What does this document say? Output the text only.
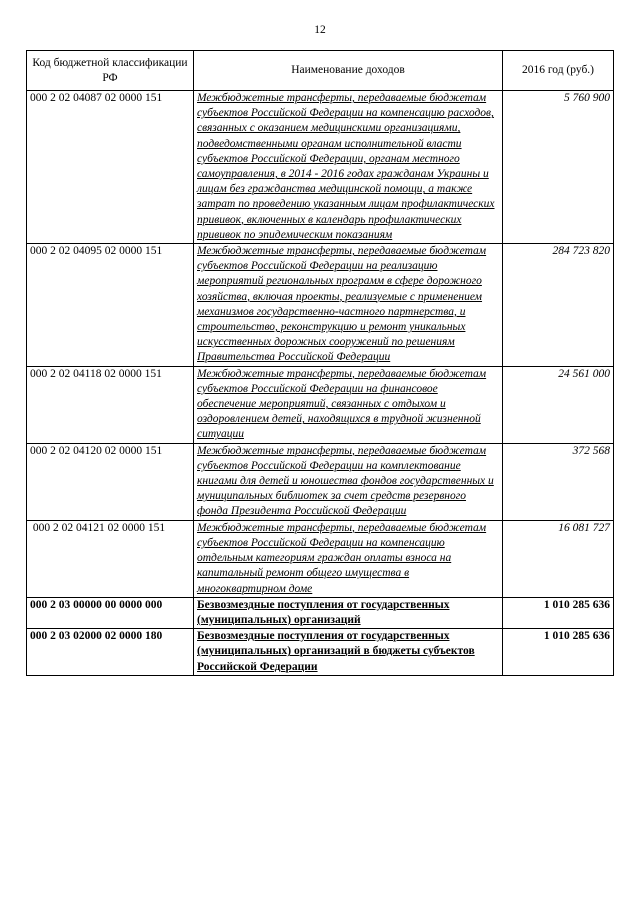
12
Код бюджетной классификации РФ	Наименование доходов	2016 год (руб.)
000 2 02 04087 02 0000 151	Межбюджетные трансферты, передаваемые бюджетам субъектов Российской Федерации на компенсацию расходов, связанных с оказанием медицинскими организациями, подведомственными органам исполнительной власти субъектов Российской Федерации, органам местного самоуправления, в 2014 - 2016 годах гражданам Украины и лицам без гражданства медицинской помощи, а также затрат по проведению указанным лицам профилактических прививок, включенных в календарь профилактических прививок по эпидемическим показаниям	5 760 900
000 2 02 04095 02 0000 151	Межбюджетные трансферты, передаваемые бюджетам субъектов Российской Федерации на реализацию мероприятий региональных программ в сфере дорожного хозяйства, включая проекты, реализуемые с применением механизмов государственно-частного партнерства, и строительство, реконструкцию и ремонт уникальных искусственных дорожных сооружений по решениям Правительства Российской Федерации	284 723 820
000 2 02 04118 02 0000 151	Межбюджетные трансферты, передаваемые бюджетам субъектов Российской Федерации на финансовое обеспечение мероприятий, связанных с отдыхом и оздоровлением детей, находящихся в трудной жизненной ситуации	24 561 000
000 2 02 04120 02 0000 151	Межбюджетные трансферты, передаваемые бюджетам субъектов Российской Федерации на комплектование книгами для детей и юношества фондов государственных и муниципальных библиотек за счет средств резервного фонда Президента Российской Федерации	372 568
000 2 02 04121 02 0000 151	Межбюджетные трансферты, передаваемые бюджетам субъектов Российской Федерации на компенсацию отдельным категориям граждан оплаты взноса на капитальный ремонт общего имущества в многоквартирном доме	16 081 727
000 2 03 00000 00 0000 000	Безвозмездные поступления от государственных (муниципальных) организаций	1 010 285 636
000 2 03 02000 02 0000 180	Безвозмездные поступления от государственных (муниципальных) организаций в бюджеты субъектов Российской Федерации	1 010 285 636
